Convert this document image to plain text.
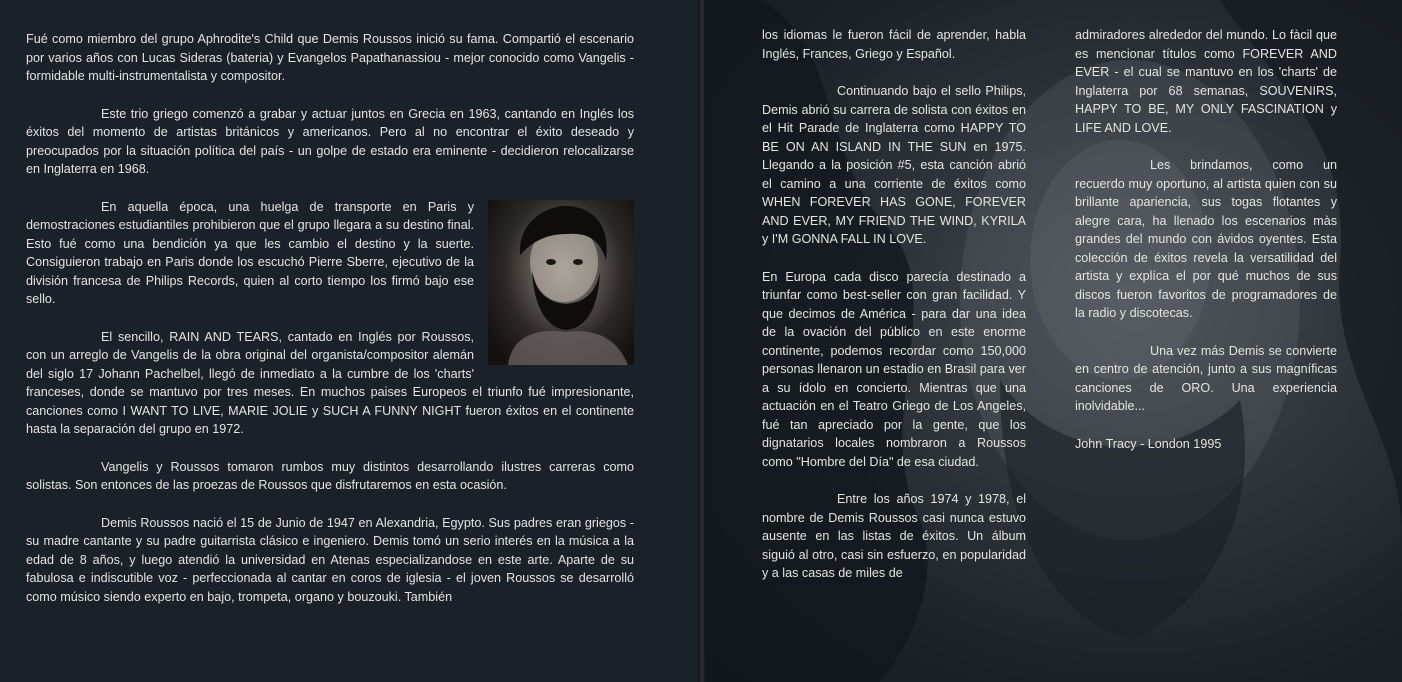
Fué como miembro del grupo Aphrodite's Child que Demis Roussos inició su fama. Compartió el escenario por varios años con Lucas Sideras (bateria) y Evangelos Papathanassiou - mejor conocido como Vangelis - formidable multi-instrumentalista y compositor.

Este trio griego comenzó a grabar y actuar juntos en Grecia en 1963, cantando en Inglés los éxitos del momento de artistas británicos y americanos. Pero al no encontrar el éxito deseado y preocupados por la situación política del país - un golpe de estado era eminente - decidieron relocalizarse en Inglaterra en 1968.

En aquella época, una huelga de transporte en Paris y demostraciones estudiantiles prohibieron que el grupo llegara a su destino final. Esto fué como una bendición ya que les cambio el destino y la suerte. Consiguieron trabajo en Paris donde los escuchó Pierre Sberre, ejecutivo de la división francesa de Philips Records, quien al corto tiempo los firmó bajo ese sello.

El sencillo, RAIN AND TEARS, cantado en Inglés por Roussos, con un arreglo de Vangelis de la obra original del organista/compositor alemán del siglo 17 Johann Pachelbel, llegó de inmediato a la cumbre de los 'charts' franceses, donde se mantuvo por tres meses. En muchos paises Europeos el triunfo fué impresionante, canciones como I WANT TO LIVE, MARIE JOLIE y SUCH A FUNNY NIGHT fueron éxitos en el continente hasta la separación del grupo en 1972.

Vangelis y Roussos tomaron rumbos muy distintos desarrollando ilustres carreras como solistas. Son entonces de las proezas de Roussos que disfrutaremos en esta ocasión.

Demis Roussos nació el 15 de Junio de 1947 en Alexandria, Egypto. Sus padres eran griegos - su madre cantante y su padre guitarrista clásico e ingeniero. Demis tomó un serio interés en la música a la edad de 8 años, y luego atendió la universidad en Atenas especializandose en este arte. Aparte de su fabulosa e indiscutible voz - perfeccionada al cantar en coros de iglesia - el joven Roussos se desarrolló como músico siendo experto en bajo, trompeta, organo y bouzouki. También

los idiomas le fueron fácil de aprender, habla Inglés, Frances, Griego y Español.

Continuando bajo el sello Philips, Demis abrió su carrera de solista con éxitos en el Hit Parade de Inglaterra como HAPPY TO BE ON AN ISLAND IN THE SUN en 1975. Llegando a la posición #5, esta canción abrió el camino a una corriente de éxitos como WHEN FOREVER HAS GONE, FOREVER AND EVER, MY FRIEND THE WIND, KYRILA y I'M GONNA FALL IN LOVE.

En Europa cada disco parecía destinado a triunfar como best-seller con gran facilidad. Y que decimos de América - para dar una idea de la ovación del público en este enorme continente, podemos recordar como 150,000 personas llenaron un estadio en Brasil para ver a su ídolo en concierto. Mientras que una actuación en el Teatro Griego de Los Angeles, fué tan apreciado por la gente, que los dignatarios locales nombraron a Roussos como "Hombre del Día" de esa ciudad.

Entre los años 1974 y 1978, el nombre de Demis Roussos casi nunca estuvo ausente en las listas de éxitos. Un álbum siguió al otro, casi sin esfuerzo, en popularidad y a las casas de miles de

admiradores alrededor del mundo. Lo fàcil que es mencionar títulos como FOREVER AND EVER - el cual se mantuvo en los 'charts' de Inglaterra por 68 semanas, SOUVENIRS, HAPPY TO BE, MY ONLY FASCINATION y LIFE AND LOVE.

Les brindamos, como un recuerdo muy oportuno, al artista quien con su brillante apariencia, sus togas flotantes y alegre cara, ha llenado los escenarios màs grandes del mundo con ávidos oyentes. Esta colección de éxitos revela la versatilidad del artista y explíca el por qué muchos de sus discos fueron favoritos de programadores de la radio y discotecas.

Una vez más Demis se convierte en centro de atención, junto a sus magníficas canciones de ORO. Una experiencia inolvidable...

John Tracy - London 1995
